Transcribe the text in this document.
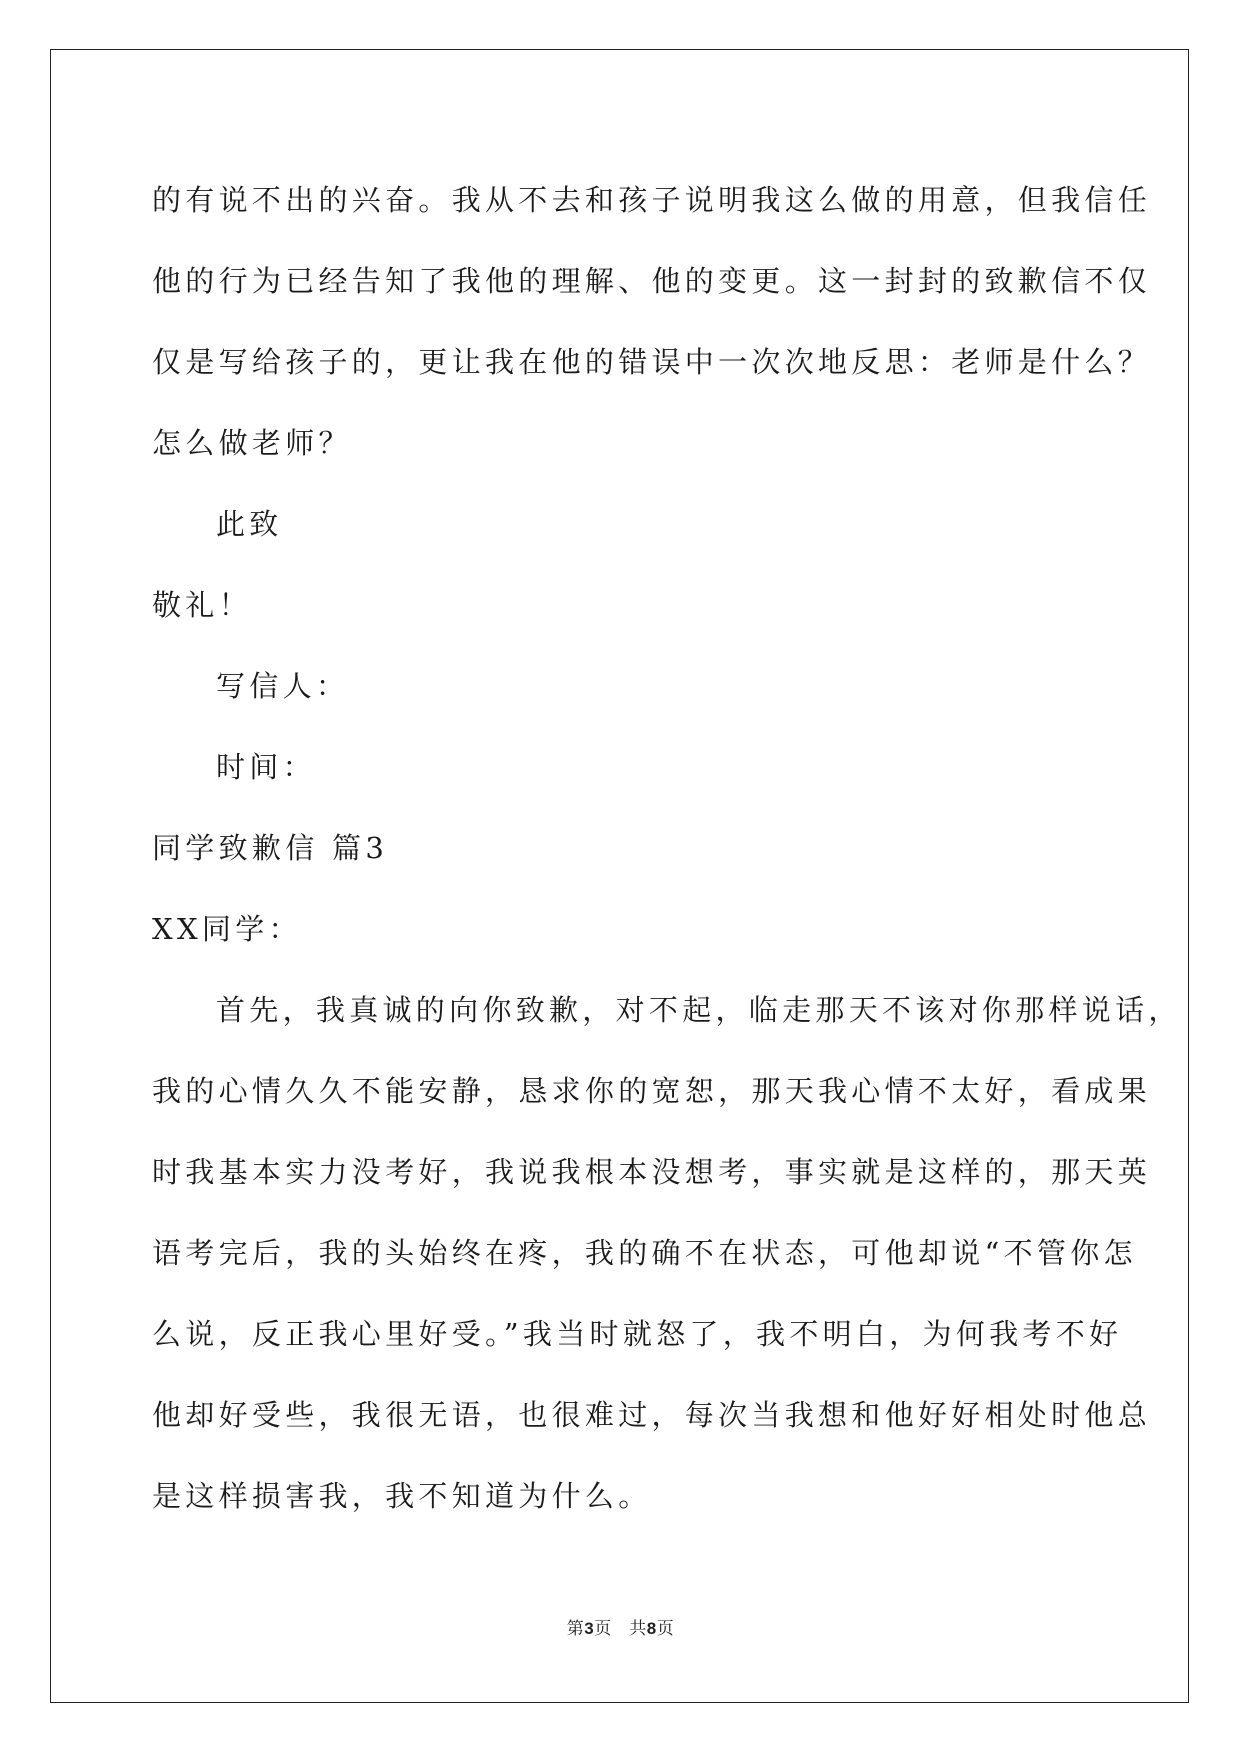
的有说不出的兴奋。我从不去和孩子说明我这么做的用意，但我信任
他的行为已经告知了我他的理解、他的变更。这一封封的致歉信不仅
仅是写给孩子的，更让我在他的错误中一次次地反思：老师是什么？
怎么做老师？
此致
敬礼！
写信人：
时间：
同学致歉信 篇3
XX同学：
首先，我真诚的向你致歉，对不起，临走那天不该对你那样说话，
我的心情久久不能安静，恳求你的宽恕，那天我心情不太好，看成果
时我基本实力没考好，我说我根本没想考，事实就是这样的，那天英
语考完后，我的头始终在疼，我的确不在状态，可他却说“不管你怎
么说，反正我心里好受。”我当时就怒了，我不明白，为何我考不好
他却好受些，我很无语，也很难过，每次当我想和他好好相处时他总
是这样损害我，我不知道为什么。
第3页　共8页
